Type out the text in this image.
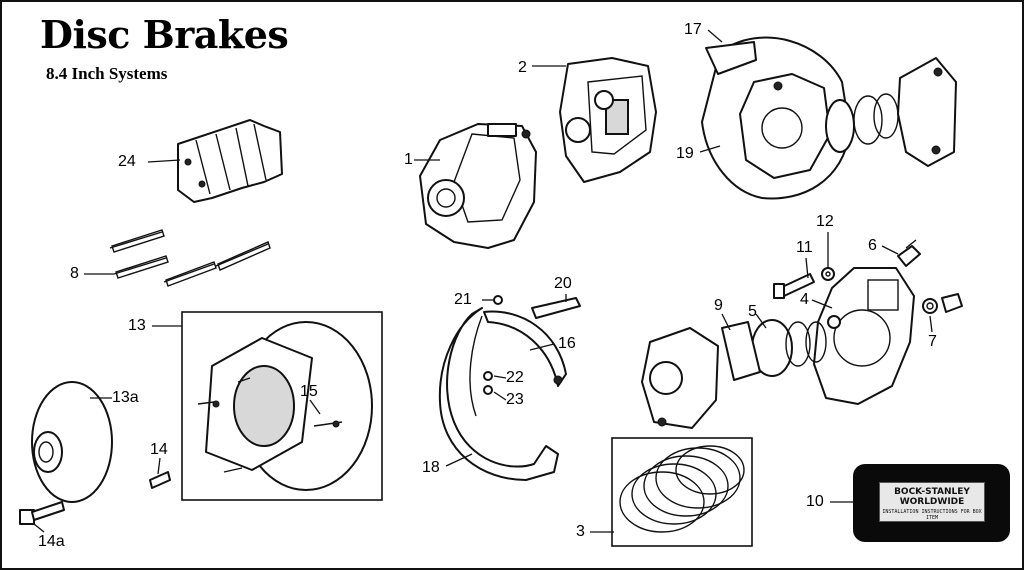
Disc Brakes
8.4 Inch Systems
1
2
3
4
5
6
7
8
9
10
11
12
13
13a
14
14a
15
16
17
18
19
20
21
22
23
24
BOCK-STANLEY WORLDWIDE
INSTALLATION INSTRUCTIONS FOR BOX ITEM
